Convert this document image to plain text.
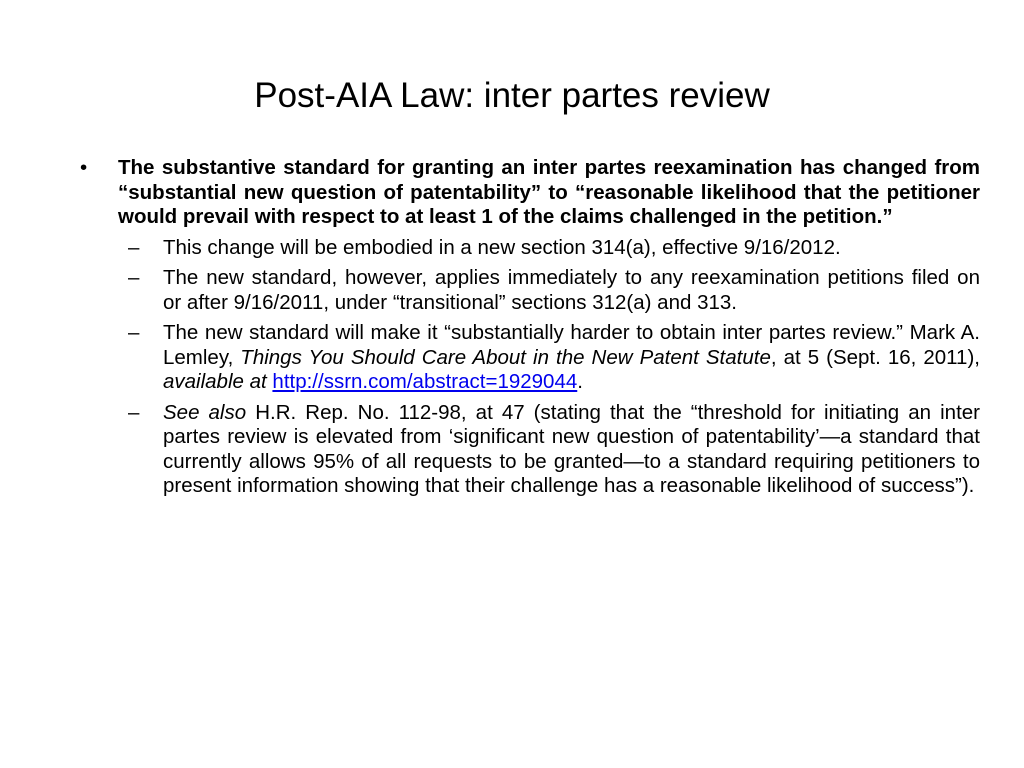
Post-AIA Law: inter partes review
• The substantive standard for granting an inter partes reexamination has changed from “substantial new question of patentability” to “reasonable likelihood that the petitioner would prevail with respect to at least 1 of the claims challenged in the petition.”
– This change will be embodied in a new section 314(a), effective 9/16/2012.
– The new standard, however, applies immediately to any reexamination petitions filed on or after 9/16/2011, under “transitional” sections 312(a) and 313.
– The new standard will make it “substantially harder to obtain inter partes review.” Mark A. Lemley, Things You Should Care About in the New Patent Statute, at 5 (Sept. 16, 2011), available at http://ssrn.com/abstract=1929044.
– See also H.R. Rep. No. 112-98, at 47 (stating that the “threshold for initiating an inter partes review is elevated from ‘significant new question of patentability’—a standard that currently allows 95% of all requests to be granted—to a standard requiring petitioners to present information showing that their challenge has a reasonable likelihood of success”).
